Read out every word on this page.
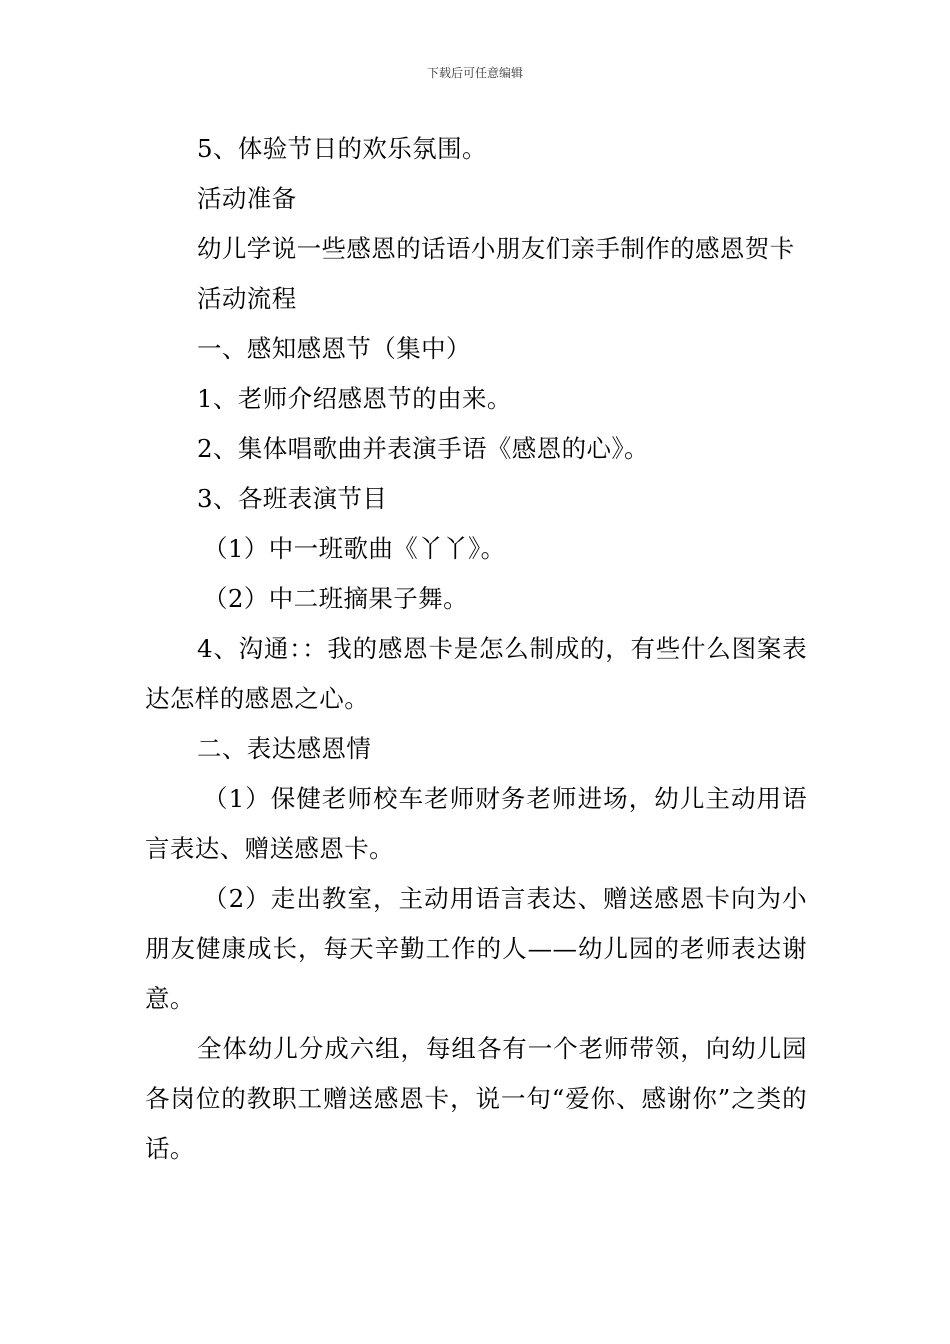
下载后可任意编辑

5、体验节日的欢乐氛围。

活动准备

幼儿学说一些感恩的话语小朋友们亲手制作的感恩贺卡

活动流程

一、感知感恩节（集中）

1、老师介绍感恩节的由来。

2、集体唱歌曲并表演手语《感恩的心》。

3、各班表演节目

（1）中一班歌曲《丫丫》。

（2）中二班摘果子舞。

4、沟通：：我的感恩卡是怎么制成的，有些什么图案表达怎样的感恩之心。

二、表达感恩情

（1）保健老师校车老师财务老师进场，幼儿主动用语言表达、赠送感恩卡。

（2）走出教室，主动用语言表达、赠送感恩卡向为小朋友健康成长，每天辛勤工作的人——幼儿园的老师表达谢意。

全体幼儿分成六组，每组各有一个老师带领，向幼儿园各岗位的教职工赠送感恩卡，说一句“爱你、感谢你”之类的话。
